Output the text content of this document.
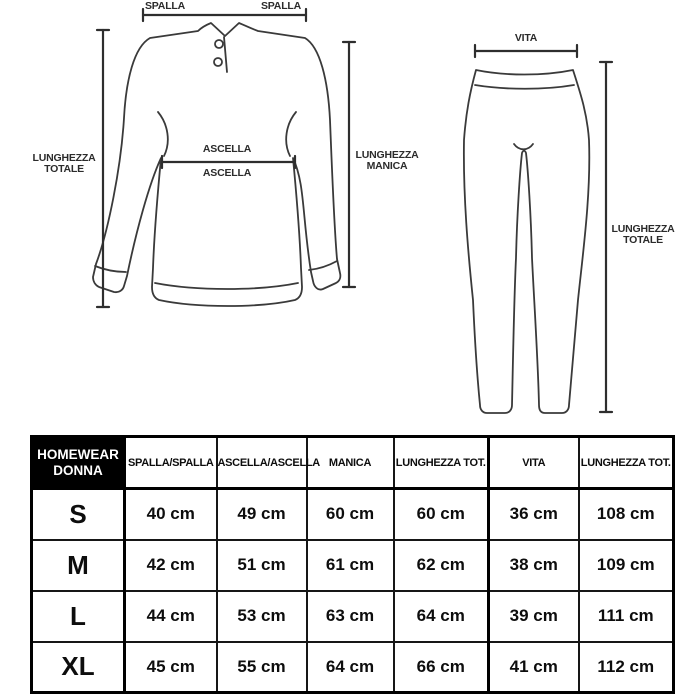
SPALLA	SPALLA
LUNGHEZZA TOTALE
ASCELLA
ASCELLA
LUNGHEZZA MANICA
VITA
LUNGHEZZA TOTALE
HOMEWEAR DONNA	SPALLA/SPALLA	ASCELLA/ASCELLA	MANICA	LUNGHEZZA TOT.	VITA	LUNGHEZZA TOT.
S	40 cm	49 cm	60 cm	60 cm	36 cm	108 cm
M	42 cm	51 cm	61 cm	62 cm	38 cm	109 cm
L	44 cm	53 cm	63 cm	64 cm	39 cm	111 cm
XL	45 cm	55 cm	64 cm	66 cm	41 cm	112 cm
